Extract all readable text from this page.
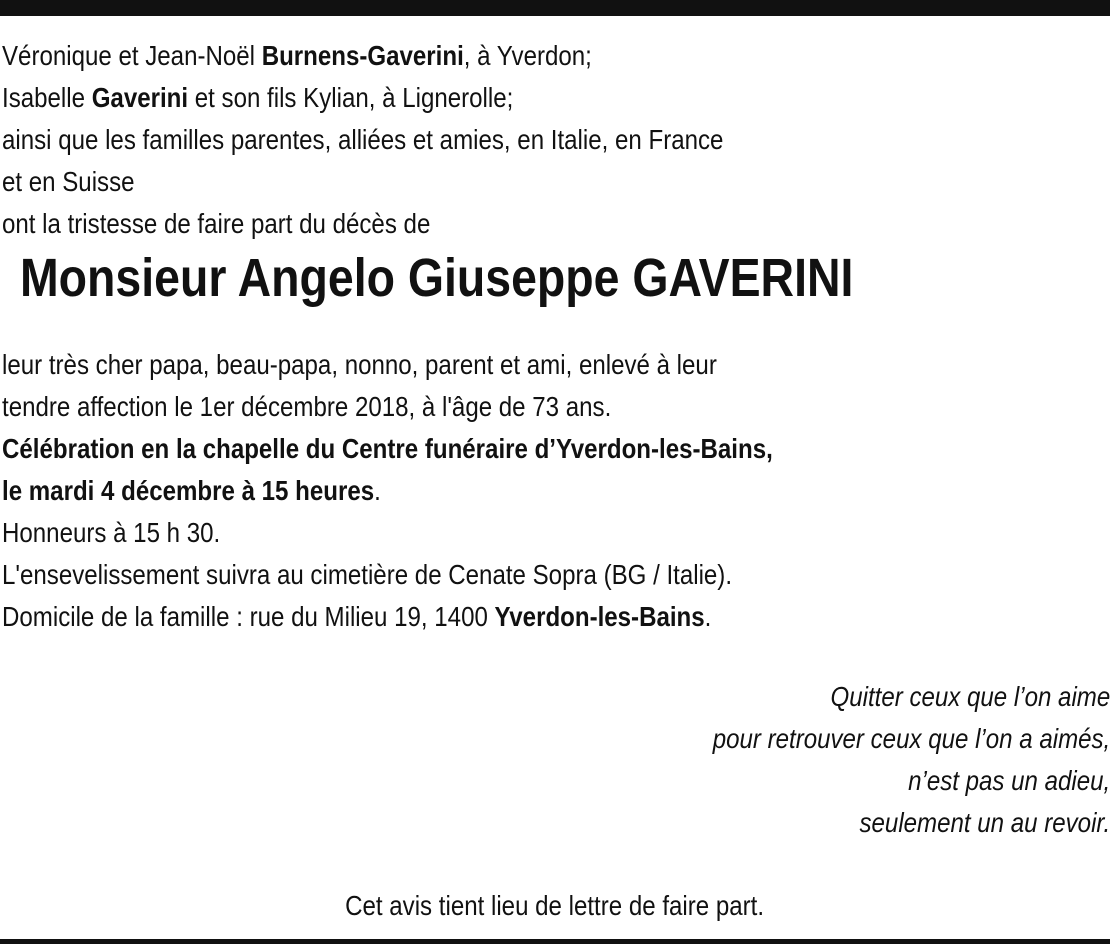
Véronique et Jean-Noël Burnens-Gaverini, à Yverdon;
Isabelle Gaverini et son fils Kylian, à Lignerolle;
ainsi que les familles parentes, alliées et amies, en Italie, en France
et en Suisse
ont la tristesse de faire part du décès de
Monsieur Angelo Giuseppe GAVERINI
leur très cher papa, beau-papa, nonno, parent et ami, enlevé à leur
tendre affection le 1er décembre 2018, à l'âge de 73 ans.
Célébration en la chapelle du Centre funéraire d’Yverdon-les-Bains,
le mardi 4 décembre à 15 heures.
Honneurs à 15 h 30.
L'ensevelissement suivra au cimetière de Cenate Sopra (BG / Italie).
Domicile de la famille : rue du Milieu 19, 1400 Yverdon-les-Bains.
Quitter ceux que l’on aime
pour retrouver ceux que l’on a aimés,
n’est pas un adieu,
seulement un au revoir.
Cet avis tient lieu de lettre de faire part.
